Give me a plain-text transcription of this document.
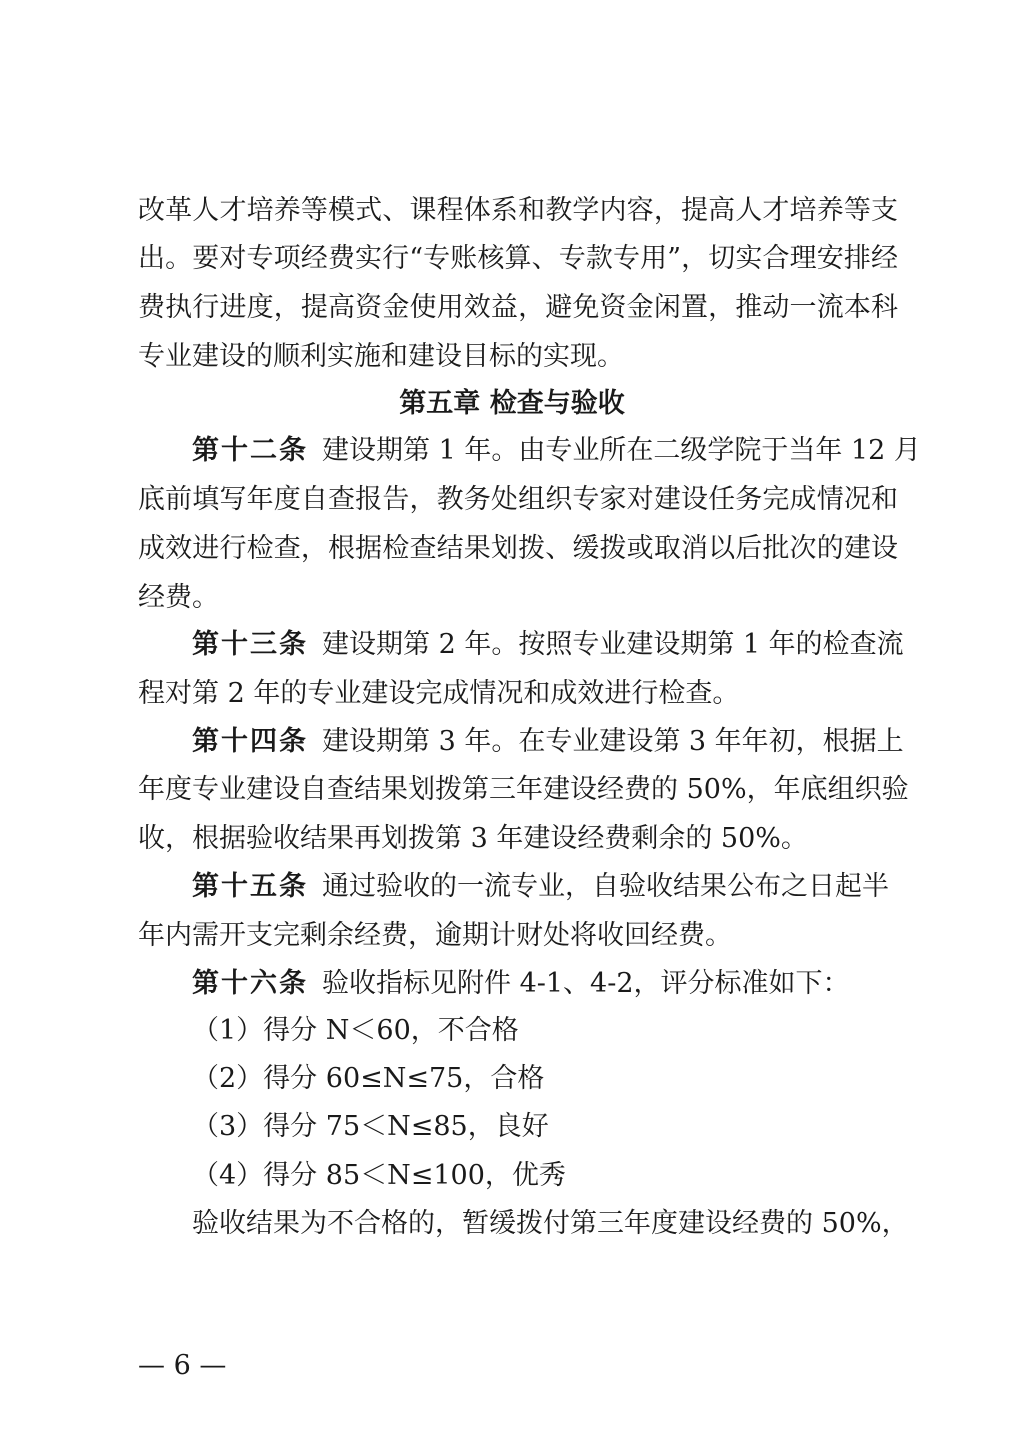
改革人才培养等模式、课程体系和教学内容，提高人才培养等支
出。要对专项经费实行“专账核算、专款专用”，切实合理安排经
费执行进度，提高资金使用效益，避免资金闲置，推动一流本科
专业建设的顺利实施和建设目标的实现。
第五章 检查与验收
第十二条 建设期第 1 年。由专业所在二级学院于当年 12 月
底前填写年度自查报告，教务处组织专家对建设任务完成情况和
成效进行检查，根据检查结果划拨、缓拨或取消以后批次的建设
经费。
第十三条 建设期第 2 年。按照专业建设期第 1 年的检查流
程对第 2 年的专业建设完成情况和成效进行检查。
第十四条 建设期第 3 年。在专业建设第 3 年年初，根据上
年度专业建设自查结果划拨第三年建设经费的 50%，年底组织验
收，根据验收结果再划拨第 3 年建设经费剩余的 50%。
第十五条 通过验收的一流专业，自验收结果公布之日起半
年内需开支完剩余经费，逾期计财处将收回经费。
第十六条 验收指标见附件 4-1、4-2，评分标准如下：
（1）得分 N＜60，不合格
（2）得分 60≤N≤75，合格
（3）得分 75＜N≤85，良好
（4）得分 85＜N≤100，优秀
验收结果为不合格的，暂缓拨付第三年度建设经费的 50%，
— 6 —
